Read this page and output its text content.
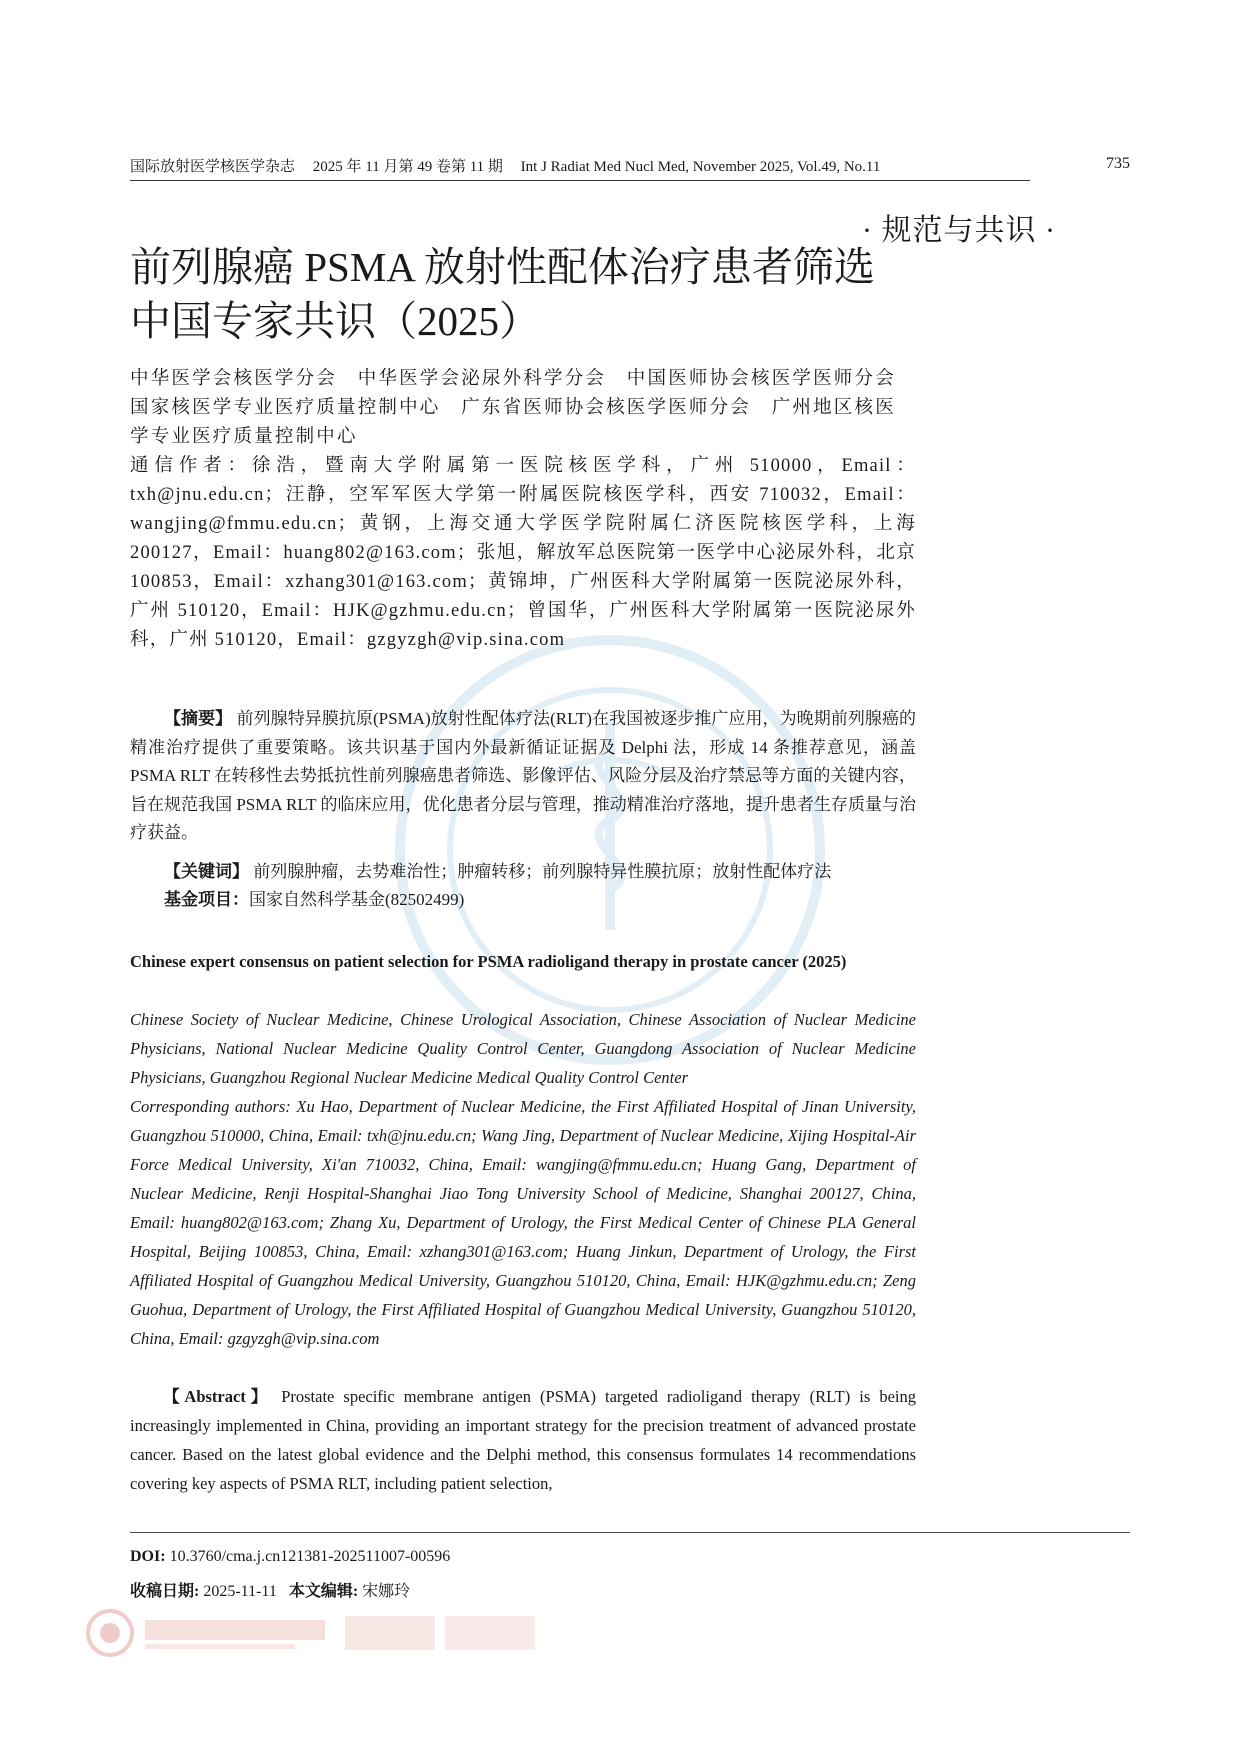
国际放射医学核医学杂志 2025 年 11 月第 49 卷第 11 期 Int J Radiat Med Nucl Med, November 2025, Vol.49, No.11	735
· 规范与共识 ·
前列腺癌 PSMA 放射性配体治疗患者筛选中国专家共识（2025）
中华医学会核医学分会　中华医学会泌尿外科学分会　中国医师协会核医学医师分会　国家核医学专业医疗质量控制中心　广东省医师协会核医学医师分会　广州地区核医学专业医疗质量控制中心
通信作者：徐浩，暨南大学附属第一医院核医学科，广州 510000，Email：txh@jnu.edu.cn；汪静，空军军医大学第一附属医院核医学科，西安 710032，Email：wangjing@fmmu.edu.cn；黄钢，上海交通大学医学院附属仁济医院核医学科，上海 200127，Email：huang802@163.com；张旭，解放军总医院第一医学中心泌尿外科，北京 100853，Email：xzhang301@163.com；黄锦坤，广州医科大学附属第一医院泌尿外科，广州 510120，Email：HJK@gzhmu.edu.cn；曾国华，广州医科大学附属第一医院泌尿外科，广州 510120，Email：gzgyzgh@vip.sina.com

【摘要】 前列腺特异膜抗原(PSMA)放射性配体疗法(RLT)在我国被逐步推广应用，为晚期前列腺癌的精准治疗提供了重要策略。该共识基于国内外最新循证证据及 Delphi 法，形成 14 条推荐意见，涵盖 PSMA RLT 在转移性去势抵抗性前列腺癌患者筛选、影像评估、风险分层及治疗禁忌等方面的关键内容，旨在规范我国 PSMA RLT 的临床应用，优化患者分层与管理，推动精准治疗落地，提升患者生存质量与治疗获益。

【关键词】 前列腺肿瘤，去势难治性；肿瘤转移；前列腺特异性膜抗原；放射性配体疗法
基金项目：国家自然科学基金(82502499)
Chinese expert consensus on patient selection for PSMA radioligand therapy in prostate cancer (2025)
Chinese Society of Nuclear Medicine, Chinese Urological Association, Chinese Association of Nuclear Medicine Physicians, National Nuclear Medicine Quality Control Center, Guangdong Association of Nuclear Medicine Physicians, Guangzhou Regional Nuclear Medicine Medical Quality Control Center
Corresponding authors: Xu Hao, Department of Nuclear Medicine, the First Affiliated Hospital of Jinan University, Guangzhou 510000, China, Email: txh@jnu.edu.cn; Wang Jing, Department of Nuclear Medicine, Xijing Hospital-Air Force Medical University, Xi'an 710032, China, Email: wangjing@fmmu.edu.cn; Huang Gang, Department of Nuclear Medicine, Renji Hospital-Shanghai Jiao Tong University School of Medicine, Shanghai 200127, China, Email: huang802@163.com; Zhang Xu, Department of Urology, the First Medical Center of Chinese PLA General Hospital, Beijing 100853, China, Email: xzhang301@163.com; Huang Jinkun, Department of Urology, the First Affiliated Hospital of Guangzhou Medical University, Guangzhou 510120, China, Email: HJK@gzhmu.edu.cn; Zeng Guohua, Department of Urology, the First Affiliated Hospital of Guangzhou Medical University, Guangzhou 510120, China, Email: gzgyzgh@vip.sina.com
【Abstract】 Prostate specific membrane antigen (PSMA) targeted radioligand therapy (RLT) is being increasingly implemented in China, providing an important strategy for the precision treatment of advanced prostate cancer. Based on the latest global evidence and the Delphi method, this consensus formulates 14 recommendations covering key aspects of PSMA RLT, including patient selection,
DOI: 10.3760/cma.j.cn121381-202511007-00596
收稿日期: 2025-11-11 本文编辑: 宋娜玲
